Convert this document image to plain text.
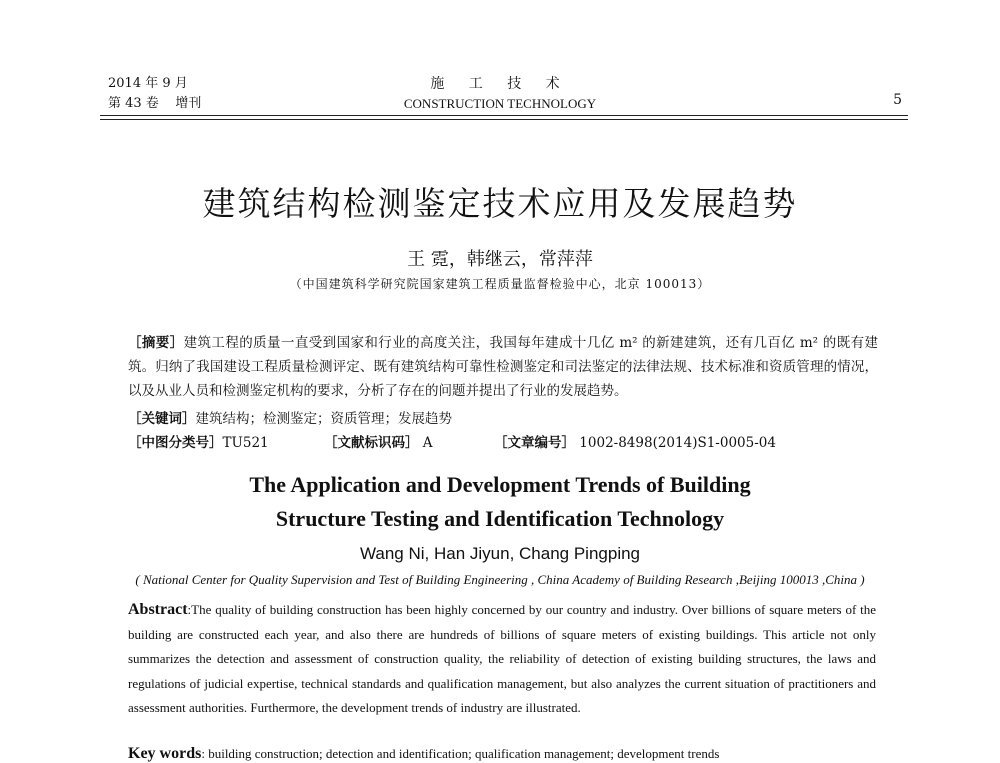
2014 年 9 月
第 43 卷 增刊
施 工 技 术
CONSTRUCTION TECHNOLOGY	5
建筑结构检测鉴定技术应用及发展趋势
王 霓，韩继云，常萍萍
（中国建筑科学研究院国家建筑工程质量监督检验中心，北京 100013）
［摘要］建筑工程的质量一直受到国家和行业的高度关注，我国每年建成十几亿 m² 的新建建筑，还有几百亿 m² 的既有建筑。归纳了我国建设工程质量检测评定、既有建筑结构可靠性检测鉴定和司法鉴定的法律法规、技术标准和资质管理的情况，以及从业人员和检测鉴定机构的要求，分析了存在的问题并提出了行业的发展趋势。
［关键词］建筑结构；检测鉴定；资质管理；发展趋势
［中图分类号］TU521	［文献标识码］ A	［文章编号］ 1002-8498(2014)S1-0005-04
The Application and Development Trends of Building
Structure Testing and Identification Technology
Wang Ni, Han Jiyun, Chang Pingping
( National Center for Quality Supervision and Test of Building Engineering , China Academy of Building Research ,Beijing 100013 ,China )
Abstract:The quality of building construction has been highly concerned by our country and industry. Over billions of square meters of the building are constructed each year, and also there are hundreds of billions of square meters of existing buildings. This article not only summarizes the detection and assessment of construction quality, the reliability of detection of existing building structures, the laws and regulations of judicial expertise, technical standards and qualification management, but also analyzes the current situation of practitioners and assessment authorities. Furthermore, the development trends of industry are illustrated.
Key words: building construction; detection and identification; qualification management; development trends
